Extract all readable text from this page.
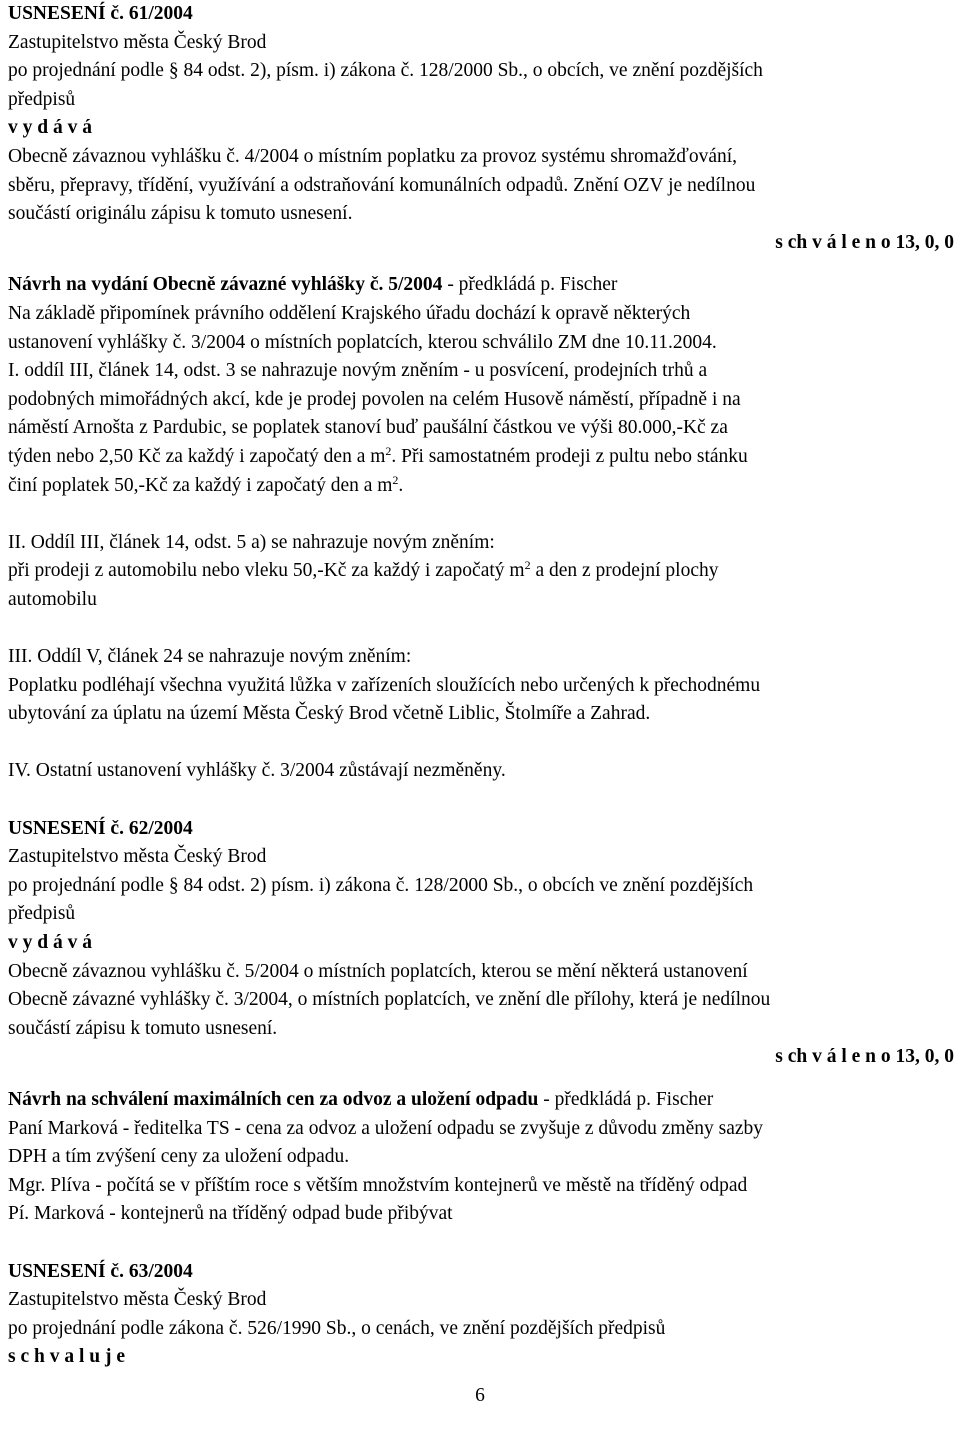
USNESENÍ č. 61/2004
Zastupitelstvo města Český Brod
po projednání podle § 84 odst. 2), písm. i) zákona č. 128/2000 Sb., o obcích, ve znění pozdějších
předpisů
v y d á v á
Obecně závaznou vyhlášku č. 4/2004 o místním poplatku za provoz systému shromažďování,
sběru, přepravy, třídění, využívání a odstraňování komunálních odpadů. Znění OZV je nedílnou
součástí originálu zápisu k tomuto usnesení.
s ch v á l e n o 13, 0, 0
Návrh na vydání Obecně závazné vyhlášky č. 5/2004 - předkládá p. Fischer
Na základě připomínek právního oddělení Krajského úřadu dochází k opravě některých
ustanovení vyhlášky č. 3/2004 o místních poplatcích, kterou schválilo ZM dne 10.11.2004.
I. oddíl III, článek 14, odst. 3 se nahrazuje novým zněním - u posvícení, prodejních trhů a
podobných mimořádných akcí, kde je prodej povolen na celém Husově náměstí, případně i na
náměstí Arnošta z Pardubic, se poplatek stanoví buď paušální částkou ve výši 80.000,-Kč za
týden nebo 2,50 Kč za každý i započatý den a $m^2$. Při samostatném prodeji z pultu nebo stánku
činí poplatek 50,-Kč za každý i započatý den a $m^2$.
II. Oddíl III, článek 14, odst. 5 a) se nahrazuje novým zněním:
při prodeji z automobilu nebo vleku 50,-Kč za každý i započatý $m^2$ a den z prodejní plochy
automobilu
III. Oddíl V, článek 24 se nahrazuje novým zněním:
Poplatku podléhají všechna využitá lůžka v zařízeních sloužících nebo určených k přechodnému
ubytování za úplatu na území Města Český Brod včetně Liblic, Štolmíře a Zahrad.
IV. Ostatní ustanovení vyhlášky č. 3/2004 zůstávají nezměněny.
USNESENÍ č. 62/2004
Zastupitelstvo města Český Brod
po projednání podle § 84 odst. 2) písm. i) zákona č. 128/2000 Sb., o obcích ve znění pozdějších
předpisů
v y d á v á
Obecně závaznou vyhlášku č. 5/2004 o místních poplatcích, kterou se mění některá ustanovení
Obecně závazné vyhlášky č. 3/2004, o místních poplatcích, ve znění dle přílohy, která je nedílnou
součástí zápisu k tomuto usnesení.
s ch v á l e n o 13, 0, 0
Návrh na schválení maximálních cen za odvoz a uložení odpadu - předkládá p. Fischer
Paní Marková - ředitelka TS - cena za odvoz a uložení odpadu se zvyšuje z důvodu změny sazby
DPH a tím zvýšení ceny za uložení odpadu.
Mgr. Plíva - počítá se v příštím roce s větším množstvím kontejnerů ve městě na tříděný odpad
Pí. Marková - kontejnerů na tříděný odpad bude přibývat
USNESENÍ č. 63/2004
Zastupitelstvo města Český Brod
po projednání podle zákona č. 526/1990 Sb., o cenách, ve znění pozdějších předpisů
s c h v a l u j e
6
